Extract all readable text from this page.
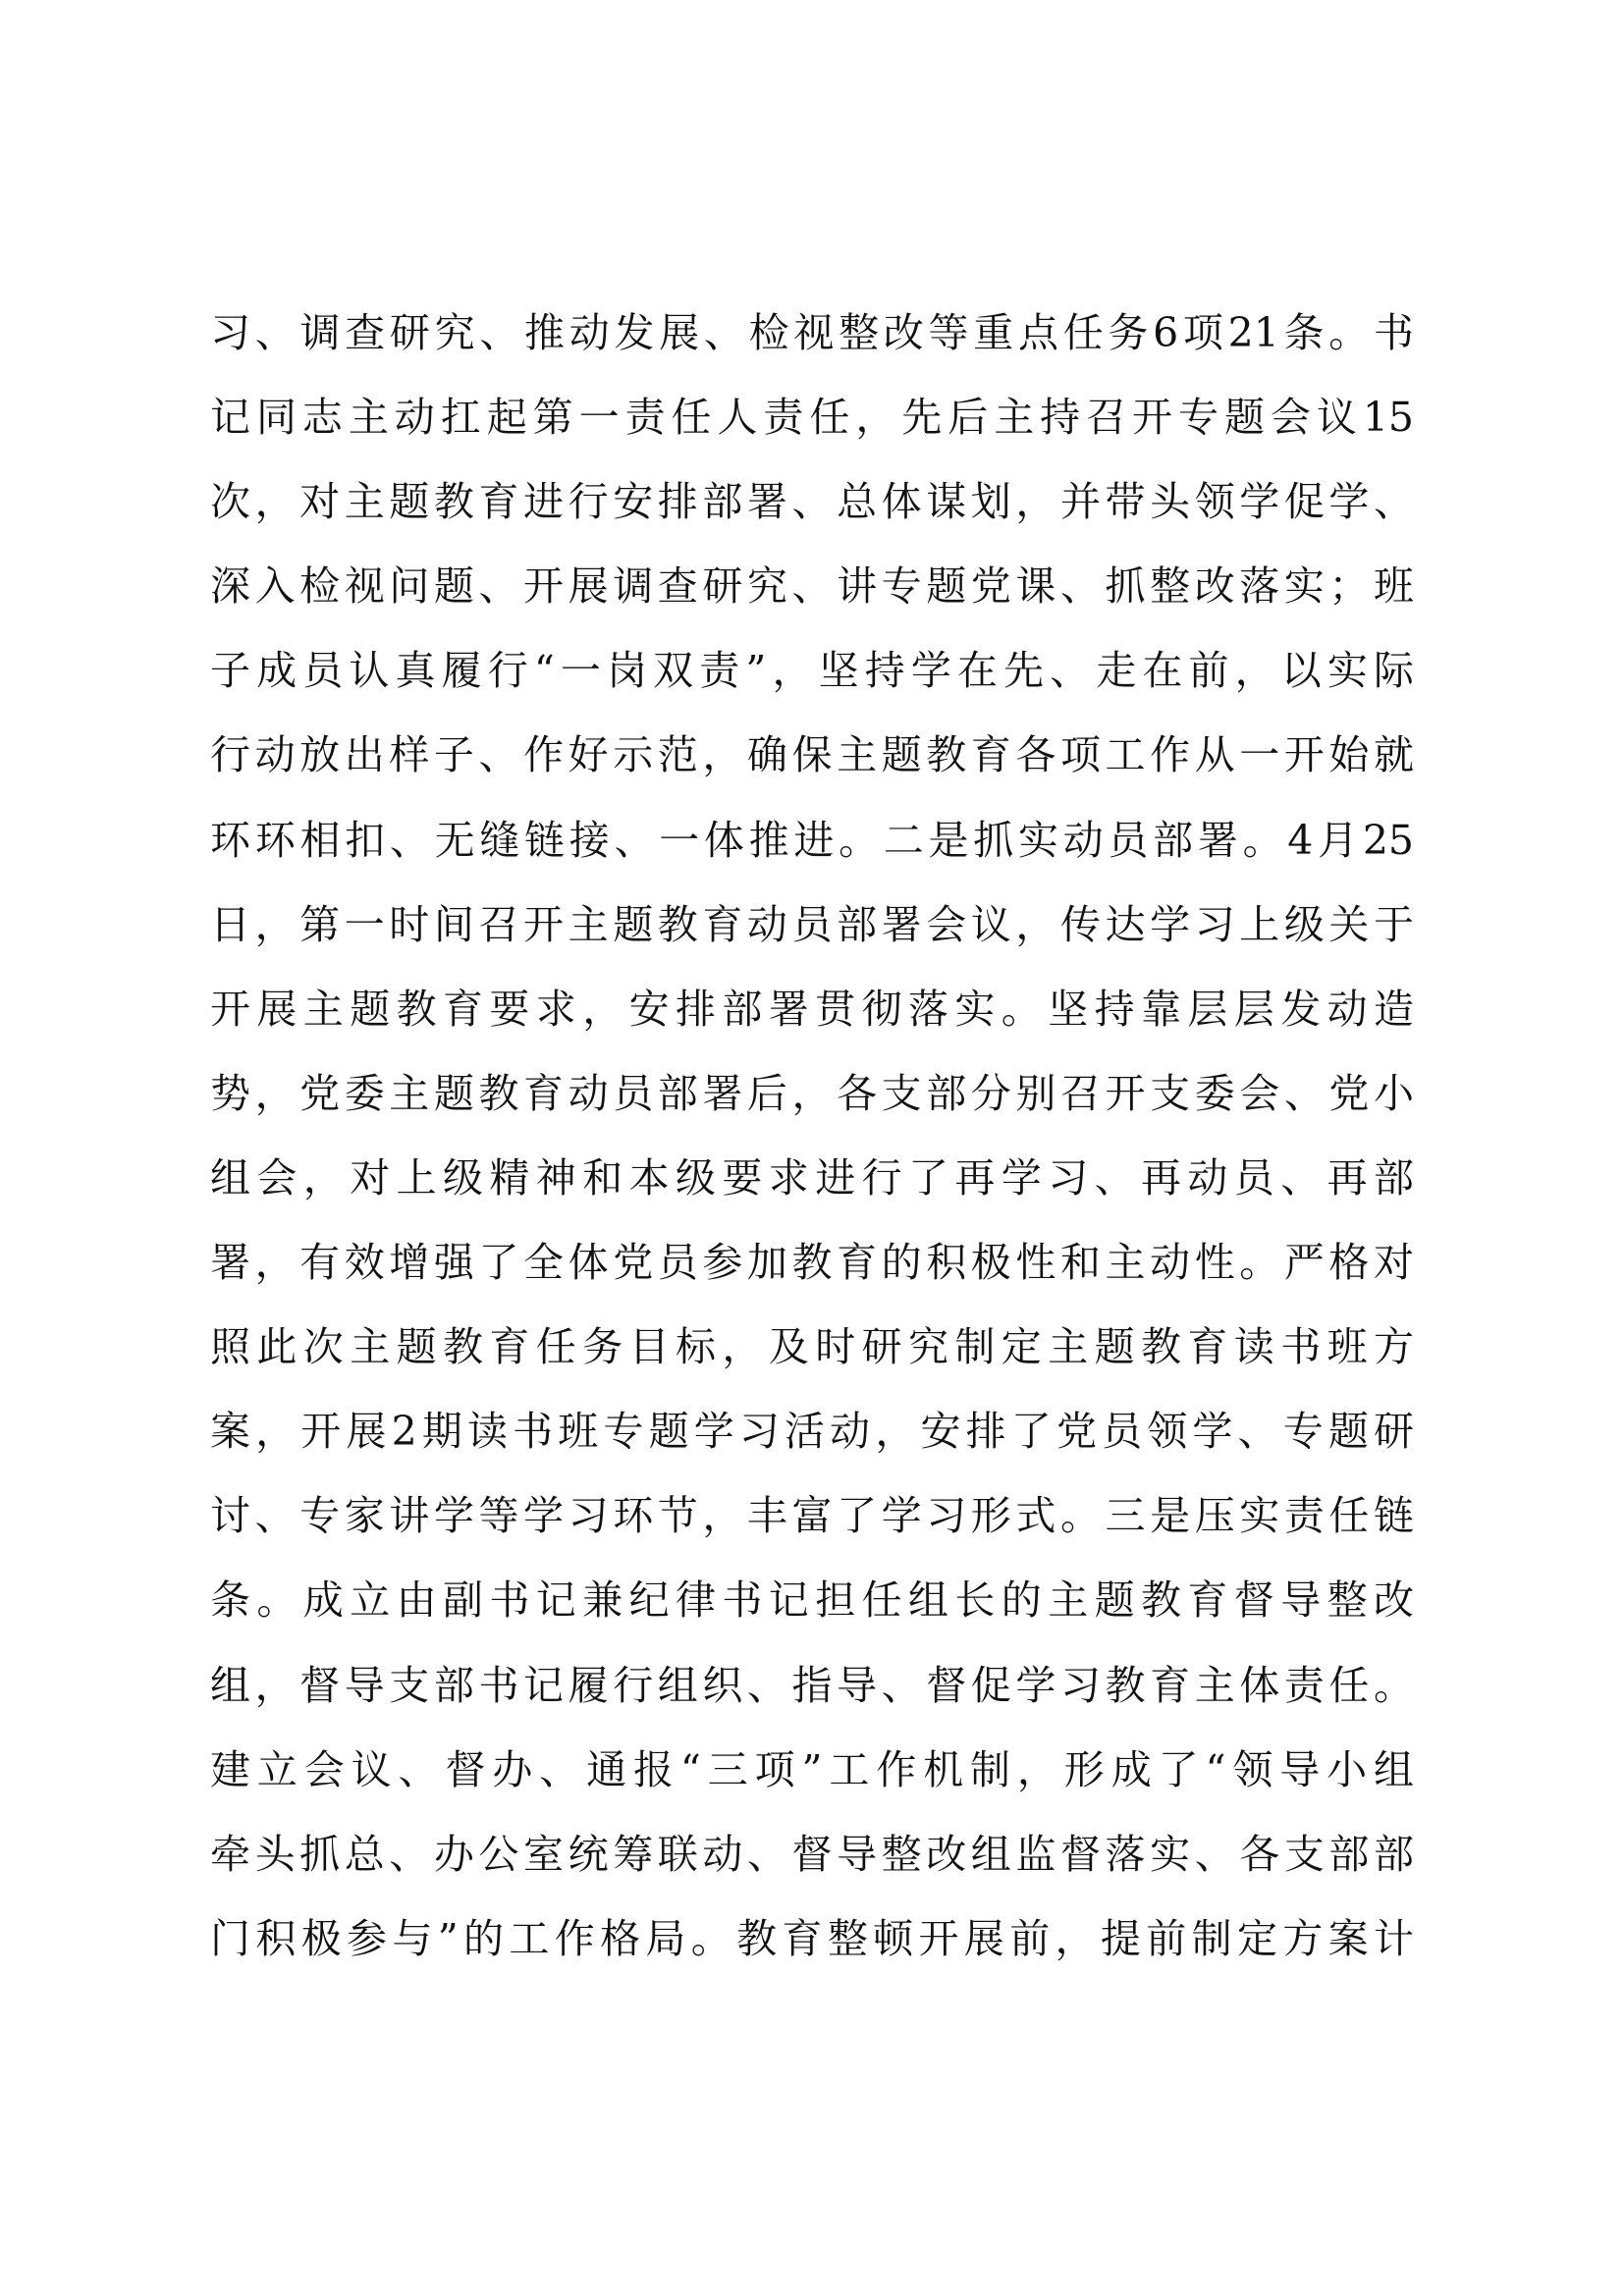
习、调查研究、推动发展、检视整改等重点任务6项21条。书
记同志主动扛起第一责任人责任，先后主持召开专题会议15
次，对主题教育进行安排部署、总体谋划，并带头领学促学、
深入检视问题、开展调查研究、讲专题党课、抓整改落实；班
子成员认真履行“一岗双责”，坚持学在先、走在前，以实际
行动放出样子、作好示范，确保主题教育各项工作从一开始就
环环相扣、无缝链接、一体推进。二是抓实动员部署。4月25
日，第一时间召开主题教育动员部署会议，传达学习上级关于
开展主题教育要求，安排部署贯彻落实。坚持靠层层发动造
势，党委主题教育动员部署后，各支部分别召开支委会、党小
组会，对上级精神和本级要求进行了再学习、再动员、再部
署，有效增强了全体党员参加教育的积极性和主动性。严格对
照此次主题教育任务目标，及时研究制定主题教育读书班方
案，开展2期读书班专题学习活动，安排了党员领学、专题研
讨、专家讲学等学习环节，丰富了学习形式。三是压实责任链
条。成立由副书记兼纪律书记担任组长的主题教育督导整改
组，督导支部书记履行组织、指导、督促学习教育主体责任。
建立会议、督办、通报“三项”工作机制，形成了“领导小组
牵头抓总、办公室统筹联动、督导整改组监督落实、各支部部
门积极参与”的工作格局。教育整顿开展前，提前制定方案计
